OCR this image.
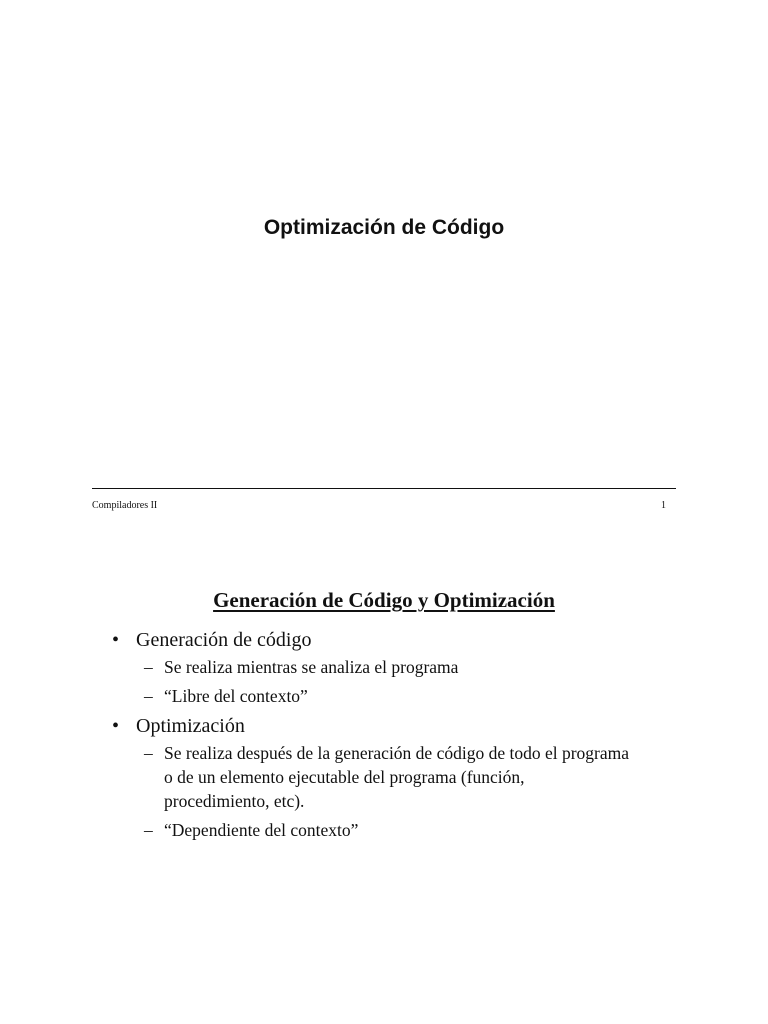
Optimización de Código
Compiladores II	1
Generación de Código y Optimización
• Generación de código
– Se realiza mientras se analiza el programa
– “Libre del contexto”
• Optimización
– Se realiza después de la generación de código de todo el programa o de un elemento ejecutable del programa (función, procedimiento, etc).
– “Dependiente del contexto”
